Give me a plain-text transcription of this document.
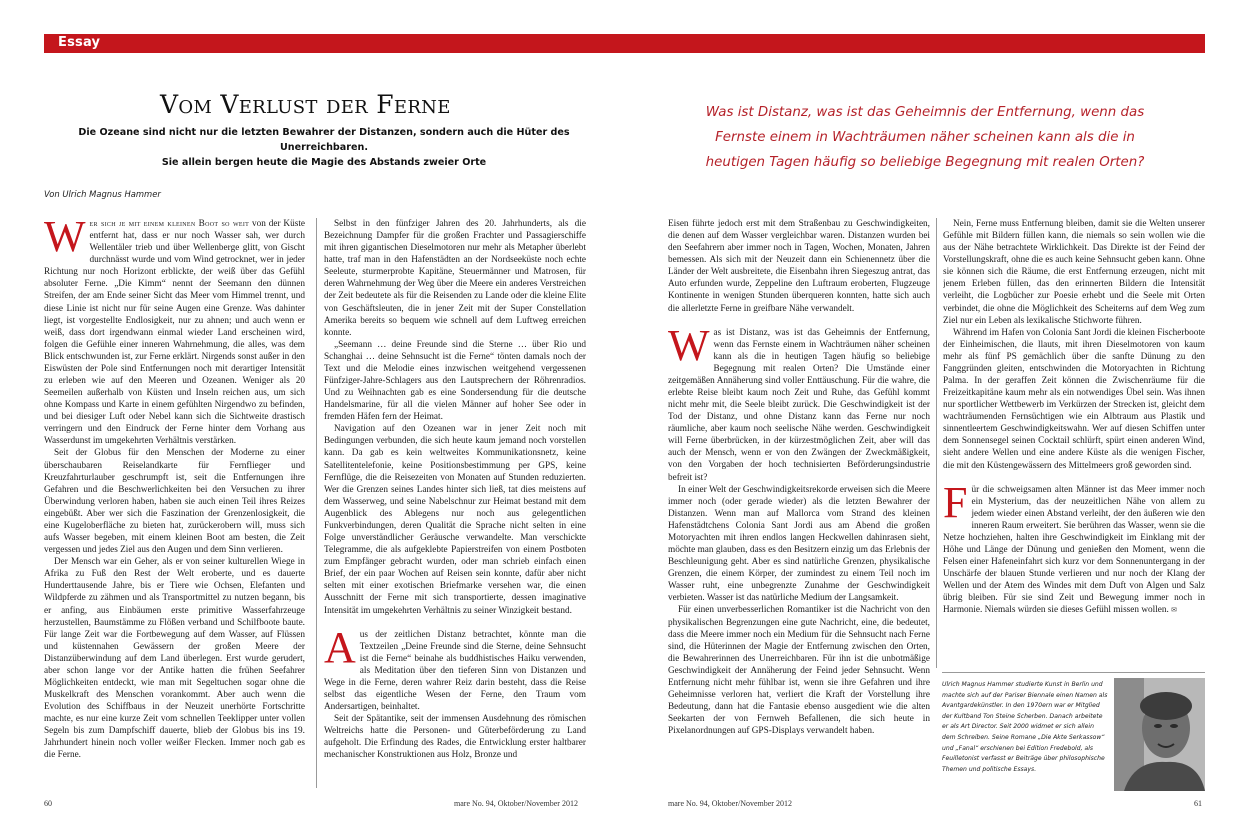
Essay
Vom Verlust der Ferne
Die Ozeane sind nicht nur die letzten Bewahrer der Distanzen, sondern auch die Hüter des Unerreichbaren.
Sie allein bergen heute die Magie des Abstands zweier Orte
Von Ulrich Magnus Hammer
Was ist Distanz, was ist das Geheimnis der Entfernung, wenn das Fernste einem in Wachträumen näher scheinen kann als die in heutigen Tagen häufig so beliebige Begegnung mit realen Orten?

Wer sich je mit einem kleinen Boot so weit von der Küste entfernt hat, dass er nur noch Wasser sah, wer durch Wellentäler trieb und über Wellenberge glitt, von Gischt durchnässt wurde und vom Wind getrocknet, wer in jeder Richtung nur noch Horizont erblickte, der weiß über das Gefühl absoluter Ferne. „Die Kimm“ nennt der Seemann den dünnen Streifen, der am Ende seiner Sicht das Meer vom Himmel trennt, und diese Linie ist nicht nur für seine Augen eine Grenze. Was dahinter liegt, ist vorgestellte Endlosigkeit, nur zu ahnen; und auch wenn er weiß, dass dort irgendwann einmal wieder Land erscheinen wird, folgen die Gefühle einer inneren Wahrnehmung, die alles, was dem Blick entschwunden ist, zur Ferne erklärt. Nirgends sonst außer in den Eiswüsten der Pole sind Entfernungen noch mit derartiger Intensität zu erleben wie auf den Meeren und Ozeanen. Weniger als 20 Seemeilen außerhalb von Küsten und Inseln reichen aus, um sich ohne Kompass und Karte in einem gefühlten Nirgendwo zu befinden, und bei diesiger Luft oder Nebel kann sich die Sichtweite drastisch verringern und den Eindruck der Ferne hinter dem Vorhang aus Wasserdunst im umgekehrten Verhältnis verstärken.

Seit der Globus für den Menschen der Moderne zu einer überschaubaren Reiselandkarte für Fernflieger und Kreuzfahrturlauber geschrumpft ist, seit die Entfernungen ihre Gefahren und die Beschwerlichkeiten bei den Versuchen zu ihrer Überwindung verloren haben, haben sie auch einen Teil ihres Reizes eingebüßt. Aber wer sich die Faszination der Grenzenlosigkeit, die eine Kugeloberfläche zu bieten hat, zurückerobern will, muss sich aufs Wasser begeben, mit einem kleinen Boot am besten, die Zeit vergessen und jedes Ziel aus den Augen und dem Sinn verlieren.

Der Mensch war ein Geher, als er von seiner kulturellen Wiege in Afrika zu Fuß den Rest der Welt eroberte, und es dauerte Hunderttausende Jahre, bis er Tiere wie Ochsen, Elefanten und Wildpferde zu zähmen und als Transportmittel zu nutzen begann, bis er anfing, aus Einbäumen erste primitive Wasserfahrzeuge herzustellen, Baumstämme zu Flößen verband und Schilfboote baute. Für lange Zeit war die Fortbewegung auf dem Wasser, auf Flüssen und küstennahen Gewässern der großen Meere der Distanzüberwindung auf dem Land überlegen. Erst wurde gerudert, aber schon lange vor der Antike hatten die frühen Seefahrer Möglichkeiten entdeckt, wie man mit Segeltuchen sogar ohne die Muskelkraft des Menschen vorankommt. Aber auch wenn die Evolution des Schiffbaus in der Neuzeit unerhörte Fortschritte machte, es nur eine kurze Zeit vom schnellen Teeklipper unter vollen Segeln bis zum Dampfschiff dauerte, blieb der Globus bis ins 19. Jahrhundert hinein noch voller weißer Flecken. Immer noch gab es die Ferne.

Selbst in den fünfziger Jahren des 20. Jahrhunderts, als die Bezeichnung Dampfer für die großen Frachter und Passagierschiffe mit ihren gigantischen Dieselmotoren nur mehr als Metapher überlebt hatte, traf man in den Hafenstädten an der Nordseeküste noch echte Seeleute, sturmerprobte Kapitäne, Steuermänner und Matrosen, für deren Wahrnehmung der Weg über die Meere ein anderes Verstreichen der Zeit bedeutete als für die Reisenden zu Lande oder die kleine Elite von Geschäftsleuten, die in jener Zeit mit der Super Constellation Amerika bereits so bequem wie schnell auf dem Luftweg erreichen konnte.

„Seemann … deine Freunde sind die Sterne … über Rio und Schanghai … deine Sehnsucht ist die Ferne“ tönten damals noch der Text und die Melodie eines inzwischen weitgehend vergessenen Fünfziger-Jahre-Schlagers aus den Lautsprechern der Röhrenradios. Und zu Weihnachten gab es eine Sondersendung für die deutsche Handelsmarine, für all die vielen Männer auf hoher See oder in fremden Häfen fern der Heimat.

Navigation auf den Ozeanen war in jener Zeit noch mit Bedingungen verbunden, die sich heute kaum jemand noch vorstellen kann. Da gab es kein weltweites Kommunikationsnetz, keine Satellitentelefonie, keine Positionsbestimmung per GPS, keine Fernflüge, die die Reisezeiten von Monaten auf Stunden reduzierten. Wer die Grenzen seines Landes hinter sich ließ, tat dies meistens auf dem Wasserweg, und seine Nabelschnur zur Heimat bestand mit dem Augenblick des Ablegens nur noch aus gelegentlichen Funkverbindungen, deren Qualität die Sprache nicht selten in eine Folge unverständlicher Geräusche verwandelte. Man verschickte Telegramme, die als aufgeklebte Papierstreifen von einem Postboten zum Empfänger gebracht wurden, oder man schrieb einfach einen Brief, der ein paar Wochen auf Reisen sein konnte, dafür aber nicht selten mit einer exotischen Briefmarke versehen war, die einen Ausschnitt der Ferne mit sich transportierte, dessen imaginative Intensität im umgekehrten Verhältnis zu seiner Winzigkeit bestand.

Aus der zeitlichen Distanz betrachtet, könnte man die Textzeilen „Deine Freunde sind die Sterne, deine Sehnsucht ist die Ferne“ beinahe als buddhistisches Haiku verwenden, als Meditation über den tieferen Sinn von Distanzen und Wege in die Ferne, deren wahrer Reiz darin besteht, dass die Reise selbst das eigentliche Wesen der Ferne, den Traum vom Andersartigen, beinhaltet.

Seit der Spätantike, seit der immensen Ausdehnung des römischen Weltreichs hatte die Personen- und Güterbeförderung zu Land aufgeholt. Die Erfindung des Rades, die Entwicklung erster haltbarer mechanischer Konstruktionen aus Holz, Bronze und

Eisen führte jedoch erst mit dem Straßenbau zu Geschwindigkeiten, die denen auf dem Wasser vergleichbar waren. Distanzen wurden bei den Seefahrern aber immer noch in Tagen, Wochen, Monaten, Jahren bemessen. Als sich mit der Neuzeit dann ein Schienennetz über die Länder der Welt ausbreitete, die Eisenbahn ihren Siegeszug antrat, das Auto erfunden wurde, Zeppeline den Luftraum eroberten, Flugzeuge Kontinente in wenigen Stunden überqueren konnten, hatte sich auch die allerletzte Ferne in greifbare Nähe verwandelt.

Was ist Distanz, was ist das Geheimnis der Entfernung, wenn das Fernste einem in Wachträumen näher scheinen kann als die in heutigen Tagen häufig so beliebige Begegnung mit realen Orten? Die Umstände einer zeitgemäßen Annäherung sind voller Enttäuschung. Für die wahre, die erlebte Reise bleibt kaum noch Zeit und Ruhe, das Gefühl kommt nicht mehr mit, die Seele bleibt zurück. Die Geschwindigkeit ist der Tod der Distanz, und ohne Distanz kann das Ferne nur noch räumliche, aber kaum noch seelische Nähe werden. Geschwindigkeit will Ferne überbrücken, in der kürzestmöglichen Zeit, aber will das auch der Mensch, wenn er von den Zwängen der Zweckmäßigkeit, von den Vorgaben der hoch technisierten Beförderungsindustrie befreit ist?

In einer Welt der Geschwindigkeitsrekorde erweisen sich die Meere immer noch (oder gerade wieder) als die letzten Bewahrer der Distanzen. Wenn man auf Mallorca vom Strand des kleinen Hafenstädtchens Colonia Sant Jordi aus am Abend die großen Motoryachten mit ihren endlos langen Heckwellen dahinrasen sieht, möchte man glauben, dass es den Besitzern einzig um das Erlebnis der Beschleunigung geht. Aber es sind natürliche Grenzen, physikalische Grenzen, die einem Körper, der zumindest zu einem Teil noch im Wasser ruht, eine unbegrenzte Zunahme der Geschwindigkeit verbieten. Wasser ist das natürliche Medium der Langsamkeit.

Für einen unverbesserlichen Romantiker ist die Nachricht von den physikalischen Begrenzungen eine gute Nachricht, eine, die bedeutet, dass die Meere immer noch ein Medium für die Sehnsucht nach Ferne sind, die Hüterinnen der Magie der Entfernung zwischen den Orten, die Bewahrerinnen des Unerreichbaren. Für ihn ist die unbotmäßige Geschwindigkeit der Annäherung der Feind jeder Sehnsucht. Wenn Entfernung nicht mehr fühlbar ist, wenn sie ihre Gefahren und ihre Geheimnisse verloren hat, verliert die Kraft der Vorstellung ihre Bedeutung, dann hat die Fantasie ebenso ausgedient wie die alten Seekarten der von Fernweh Befallenen, die sich heute in Pixelanordnungen auf GPS-Displays verwandelt haben.

Nein, Ferne muss Entfernung bleiben, damit sie die Welten unserer Gefühle mit Bildern füllen kann, die niemals so sein wollen wie die aus der Nähe betrachtete Wirklichkeit. Das Direkte ist der Feind der Vorstellungskraft, ohne die es auch keine Sehnsucht geben kann. Ohne sie können sich die Räume, die erst Entfernung erzeugen, nicht mit jenem Erleben füllen, das den erinnerten Bildern die Intensität verleiht, die Logbücher zur Poesie erhebt und die Seele mit Orten verbindet, die ohne die Möglichkeit des Scheiterns auf dem Weg zum Ziel nur ein Leben als lexikalische Stichworte führen.

Während im Hafen von Colonia Sant Jordi die kleinen Fischerboote der Einheimischen, die llauts, mit ihren Dieselmotoren von kaum mehr als fünf PS gemächlich über die sanfte Dünung zu den Fanggründen gleiten, entschwinden die Motoryachten in Richtung Palma. In der geraffen Zeit können die Zwischenräume für die Freizeitkapitäne kaum mehr als ein notwendiges Übel sein. Was ihnen nur sportlicher Wettbewerb im Verkürzen der Strecken ist, gleicht dem wachträumenden Fernsüchtigen wie ein Albtraum aus Plastik und sinnentleertem Geschwindigkeitswahn. Wer auf diesen Schiffen unter dem Sonnensegel seinen Cocktail schlürft, spürt einen anderen Wind, sieht andere Wellen und eine andere Küste als die wenigen Fischer, die mit den Küstengewässern des Mittelmeers groß geworden sind.

Für die schweigsamen alten Männer ist das Meer immer noch ein Mysterium, das der neuzeitlichen Nähe von allem zu jedem wieder einen Abstand verleiht, der den äußeren wie den inneren Raum erweitert. Sie berühren das Wasser, wenn sie die Netze hochziehen, halten ihre Geschwindigkeit im Einklang mit der Höhe und Länge der Dünung und genießen den Moment, wenn die Felsen einer Hafeneinfahrt sich kurz vor dem Sonnenuntergang in der Unschärfe der blauen Stunde verlieren und nur noch der Klang der Wellen und der Atem des Windes mit dem Duft von Algen und Salz übrig bleiben. Für sie sind Zeit und Bewegung immer noch in Harmonie. Niemals würden sie dieses Gefühl missen wollen. ✉

Ulrich Magnus Hammer studierte Kunst in Berlin und machte sich auf der Pariser Biennale einen Namen als Avantgardekünstler. In den 1970ern war er Mitglied der Kultband Ton Steine Scherben. Danach arbeitete er als Art Director. Seit 2000 widmet er sich allein dem Schreiben. Seine Romane „Die Akte Serkassow“ und „Fanal“ erschienen bei Edition Fredebold, als Feuilletonist verfasst er Beiträge über philosophische Themen und politische Essays.
60	mare No. 94, Oktober/November 2012	mare No. 94, Oktober/November 2012	61
